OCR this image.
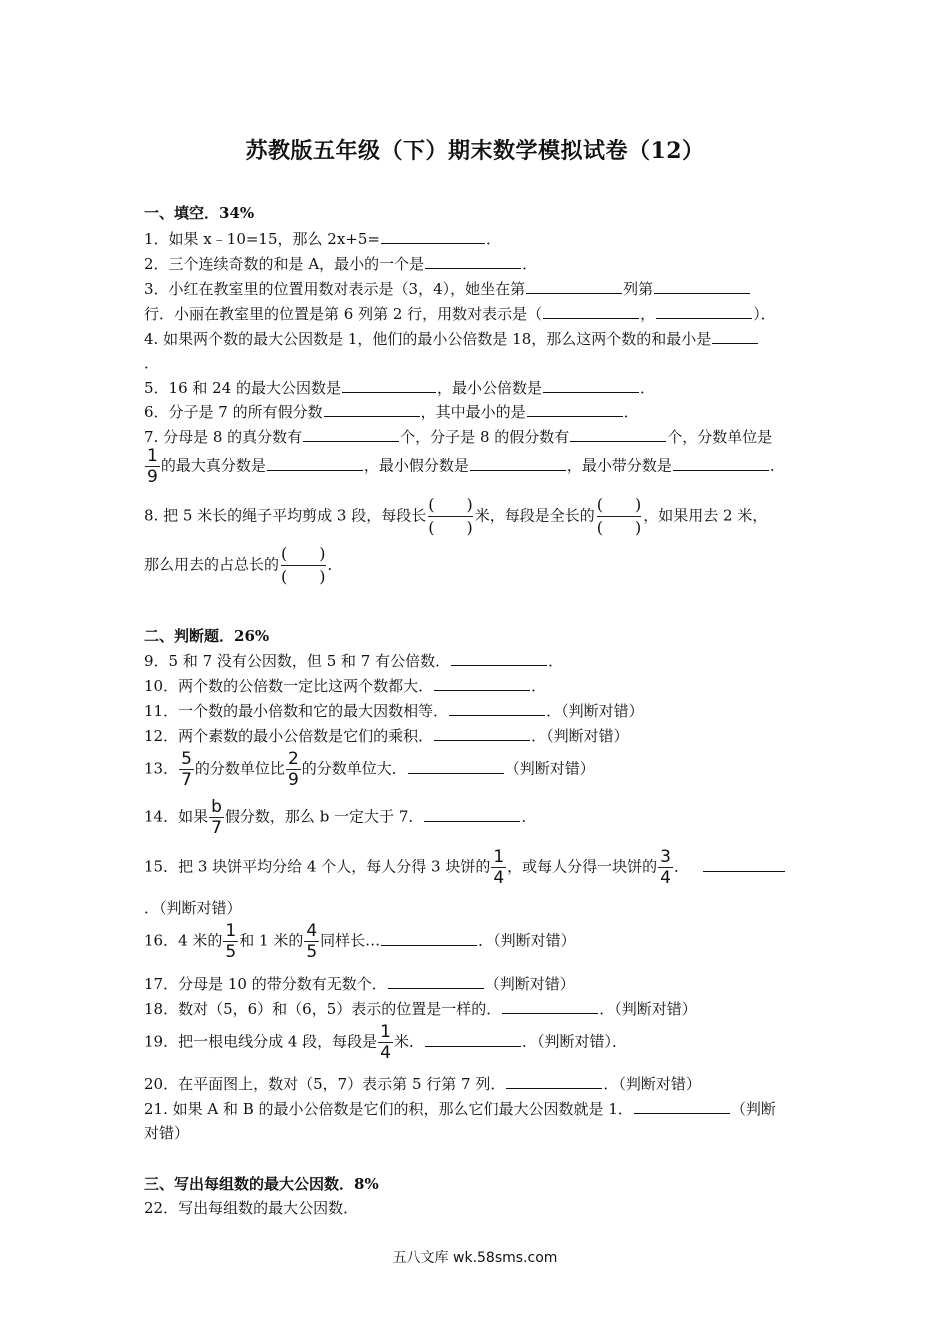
苏教版五年级（下）期末数学模拟试卷（12）
一、填空．34%
1．如果 x﹣10=15，那么 2x+5=	．
2．三个连续奇数的和是 A，最小的一个是	．
3．小红在教室里的位置用数对表示是（3，4），她坐在第	列第
行．小丽在教室里的位置是第 6 列第 2 行，用数对表示是（	，	）．
4. 如果两个数的最大公因数是 1，他们的最小公倍数是 18，那么这两个数的和最小是
．
5．16 和 24 的最大公因数是	，最小公倍数是	．
6．分子是 7 的所有假分数	，其中最小的是	．
7. 分母是 8 的真分数有	个，分子是 8 的假分数有	个，分数单位是
$\frac{1}{9}$ 的最大真分数是	，最小假分数是	，最小带分数是	．
8. 把 5 米长的绳子平均剪成 3 段，每段长
(　　)
(　　)
米，每段是全长的
(　　)
(　　)
，如果用去 2 米，
那么用去的占总长的
(　　)
(　　)
．
二、判断题．26%
9．5 和 7 没有公因数，但 5 和 7 有公倍数．	．
10．两个数的公倍数一定比这两个数都大．	．
11．一个数的最小倍数和它的最大因数相等．	．（判断对错）
12．两个素数的最小公倍数是它们的乘积．	．（判断对错）
13． $\frac{5}{7}$ 的分数单位比 $\frac{2}{9}$ 的分数单位大．	（判断对错）
14．如果 $\frac{b}{7}$ 假分数，那么 b 一定大于 7．	．
15．把 3 块饼平均分给 4 个人，每人分得 3 块饼的 $\frac{1}{4}$ ，或每人分得一块饼的 $\frac{3}{4}$ ．
．（判断对错）
16．4 米的 $\frac{1}{5}$ 和 1 米的 $\frac{4}{5}$ 同样长…	．（判断对错）
17．分母是 10 的带分数有无数个．	（判断对错）
18．数对（5，6）和（6，5）表示的位置是一样的．	．（判断对错）
19．把一根电线分成 4 段，每段是 $\frac{1}{4}$ 米．	．（判断对错）．
20．在平面图上，数对（5，7）表示第 5 行第 7 列．	．（判断对错）
21. 如果 A 和 B 的最小公倍数是它们的积，那么它们最大公因数就是 1．	（判断
对错）
三、写出每组数的最大公因数．8%
22．写出每组数的最大公因数．
五八文库 wk.58sms.com
